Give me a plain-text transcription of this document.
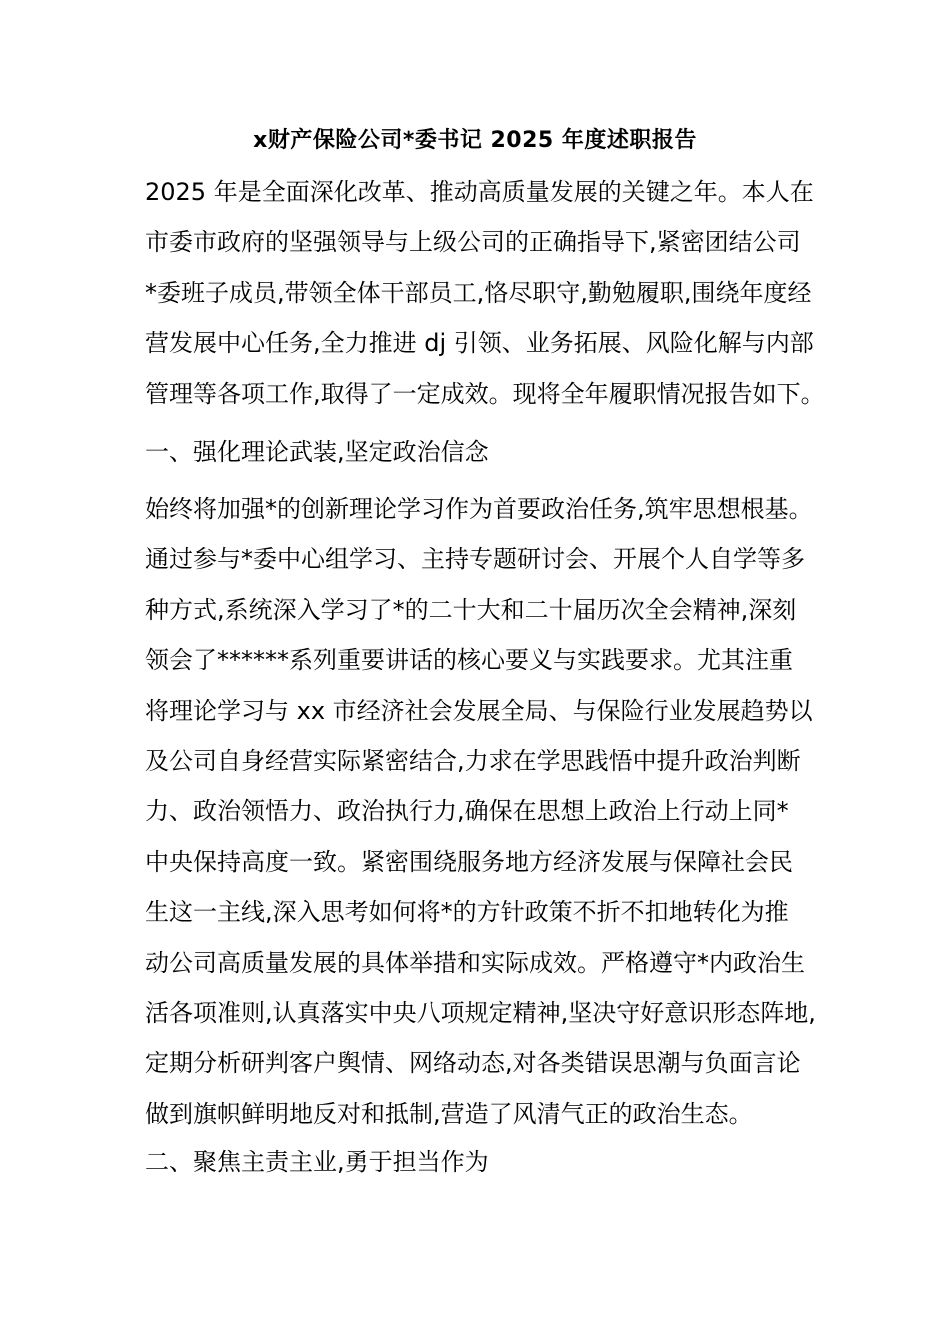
x财产保险公司*委书记 2025 年度述职报告
2025 年是全面深化改革、推动高质量发展的关键之年。本人在
市委市政府的坚强领导与上级公司的正确指导下,紧密团结公司
*委班子成员,带领全体干部员工,恪尽职守,勤勉履职,围绕年度经
营发展中心任务,全力推进 dj 引领、业务拓展、风险化解与内部
管理等各项工作,取得了一定成效。现将全年履职情况报告如下。
一、强化理论武装,坚定政治信念
始终将加强*的创新理论学习作为首要政治任务,筑牢思想根基。
通过参与*委中心组学习、主持专题研讨会、开展个人自学等多
种方式,系统深入学习了*的二十大和二十届历次全会精神,深刻
领会了******系列重要讲话的核心要义与实践要求。尤其注重
将理论学习与 xx 市经济社会发展全局、与保险行业发展趋势以
及公司自身经营实际紧密结合,力求在学思践悟中提升政治判断
力、政治领悟力、政治执行力,确保在思想上政治上行动上同*
中央保持高度一致。紧密围绕服务地方经济发展与保障社会民
生这一主线,深入思考如何将*的方针政策不折不扣地转化为推
动公司高质量发展的具体举措和实际成效。严格遵守*内政治生
活各项准则,认真落实中央八项规定精神,坚决守好意识形态阵地,
定期分析研判客户舆情、网络动态,对各类错误思潮与负面言论
做到旗帜鲜明地反对和抵制,营造了风清气正的政治生态。
二、聚焦主责主业,勇于担当作为
